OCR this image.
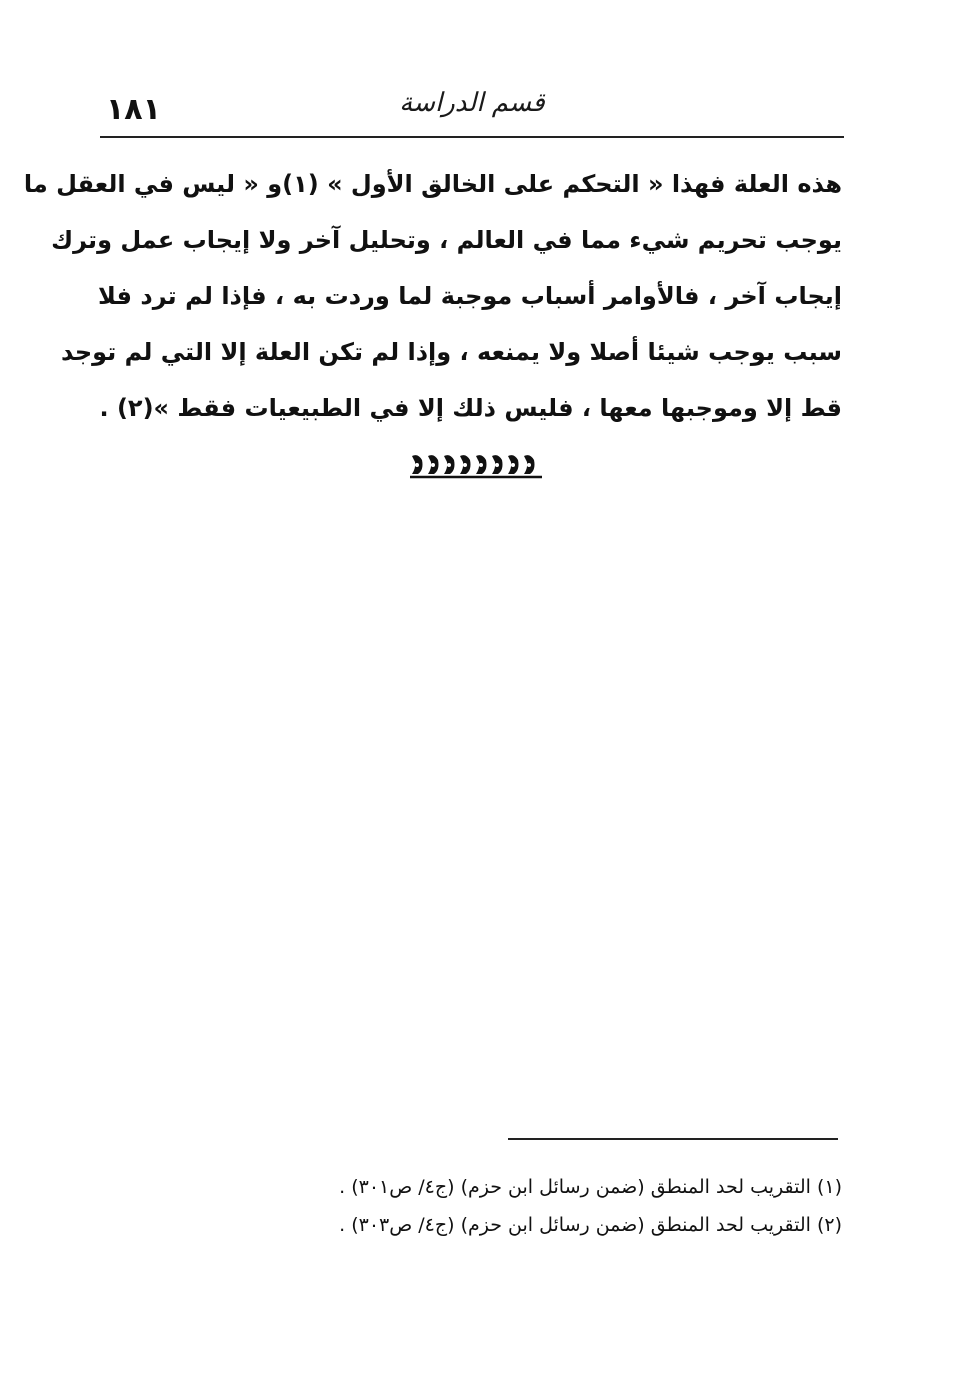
١٨١	قسم الدراسة
هذه العلة فهذا « التحكم على الخالق الأول » (١)و « ليس في العقل ما
يوجب تحريم شيء مما في العالم ، وتحليل آخر ولا إيجاب عمل وترك
إيجاب آخر ، فالأوامر أسباب موجبة لما وردت به ، فإذا لم ترد فلا
سبب يوجب شيئا أصلا ولا يمنعه ، وإذا لم تكن العلة إلا التي لم توجد
قط إلا وموجبها معها ، فليس ذلك إلا في الطبيعيات فقط »(٢) .
(١) التقريب لحد المنطق (ضمن رسائل ابن حزم) (ج٤/ ص٣٠١) .
(٢) التقريب لحد المنطق (ضمن رسائل ابن حزم) (ج٤/ ص٣٠٣) .
